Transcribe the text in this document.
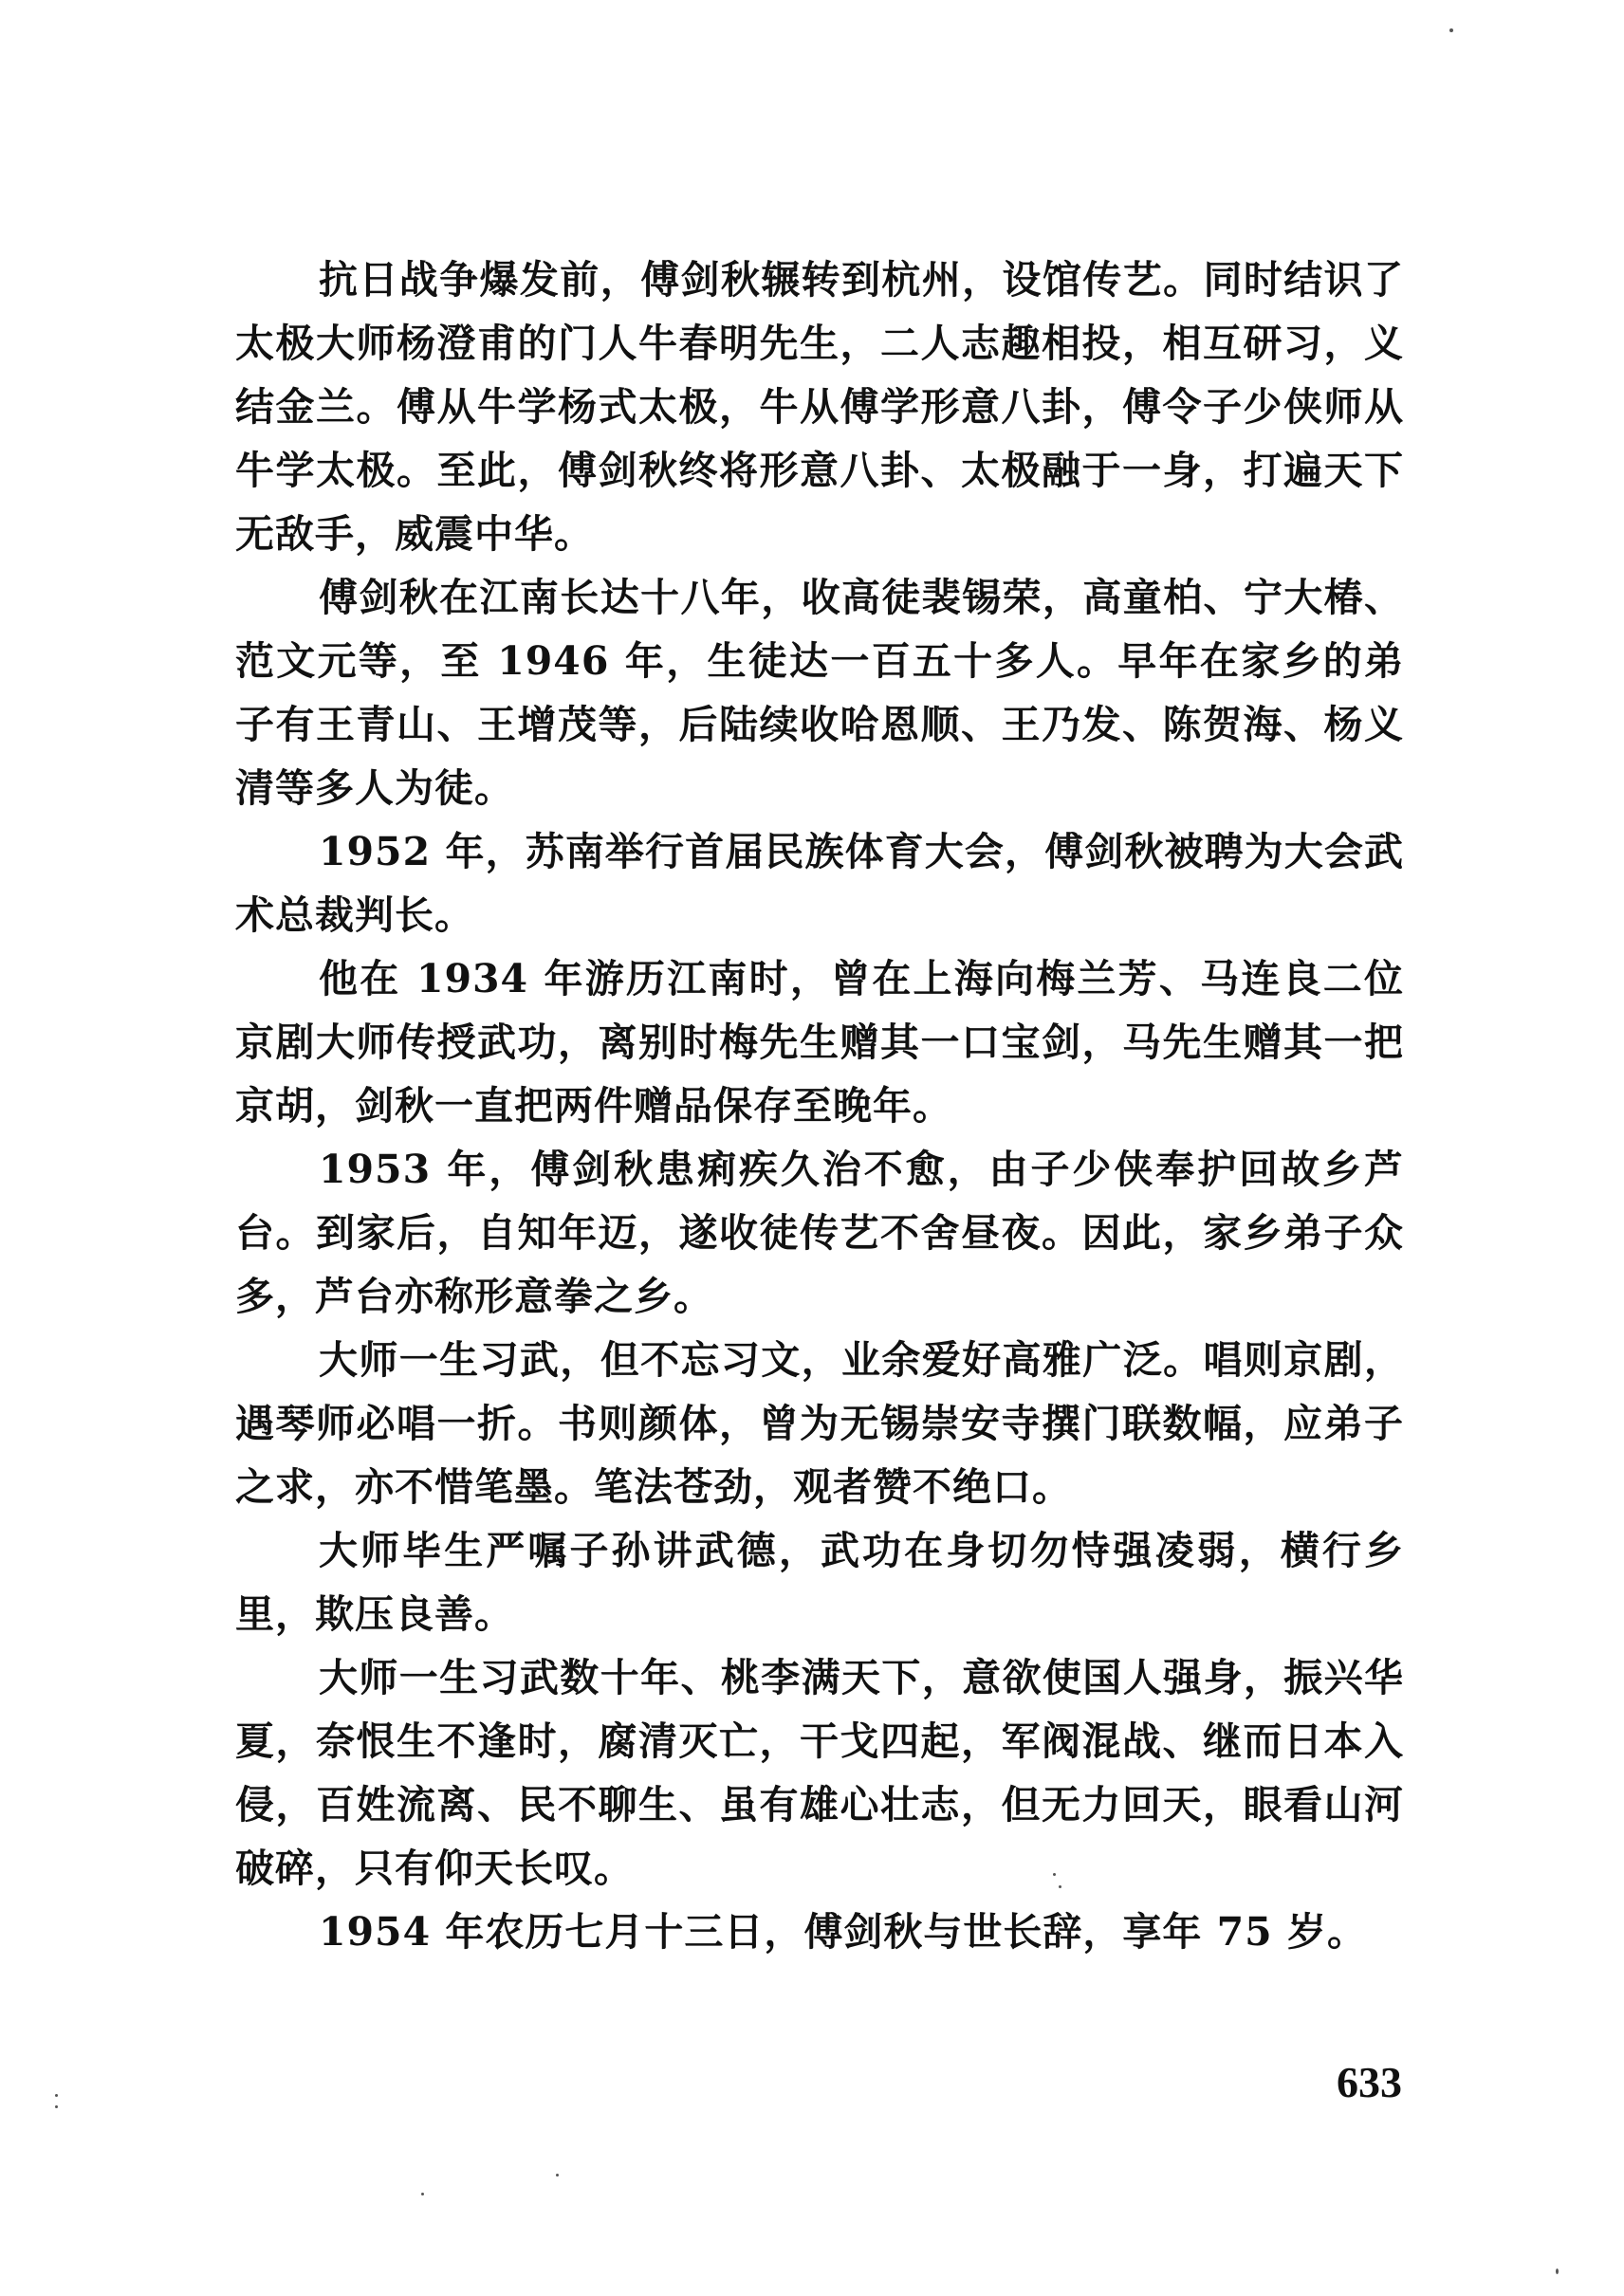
抗日战争爆发前，傅剑秋辗转到杭州，设馆传艺。同时结识了太极大师杨澄甫的门人牛春明先生，二人志趣相投，相互研习，义结金兰。傅从牛学杨式太极，牛从傅学形意八卦，傅令子少侠师从牛学太极。至此，傅剑秋终将形意八卦、太极融于一身，打遍天下无敌手，威震中华。

傅剑秋在江南长达十八年，收高徒裴锡荣，高童柏、宁大椿、范文元等，至 1946 年，生徒达一百五十多人。早年在家乡的弟子有王青山、王增茂等，后陆续收哈恩顺、王乃发、陈贺海、杨义清等多人为徒。

1952 年，苏南举行首届民族体育大会，傅剑秋被聘为大会武术总裁判长。

他在 1934 年游历江南时，曾在上海向梅兰芳、马连良二位京剧大师传授武功，离别时梅先生赠其一口宝剑，马先生赠其一把京胡，剑秋一直把两件赠品保存至晚年。

1953 年，傅剑秋患痢疾久治不愈，由子少侠奉护回故乡芦台。到家后，自知年迈，遂收徒传艺不舍昼夜。因此，家乡弟子众多，芦台亦称形意拳之乡。

大师一生习武，但不忘习文，业余爱好高雅广泛。唱则京剧，遇琴师必唱一折。书则颜体，曾为无锡崇安寺撰门联数幅，应弟子之求，亦不惜笔墨。笔法苍劲，观者赞不绝口。

大师毕生严嘱子孙讲武德，武功在身切勿恃强凌弱，横行乡里，欺压良善。

大师一生习武数十年、桃李满天下，意欲使国人强身，振兴华夏，奈恨生不逢时，腐清灭亡，干戈四起，军阀混战、继而日本入侵，百姓流离、民不聊生、虽有雄心壮志，但无力回天，眼看山河破碎，只有仰天长叹。

1954 年农历七月十三日，傅剑秋与世长辞，享年 75 岁。

633
